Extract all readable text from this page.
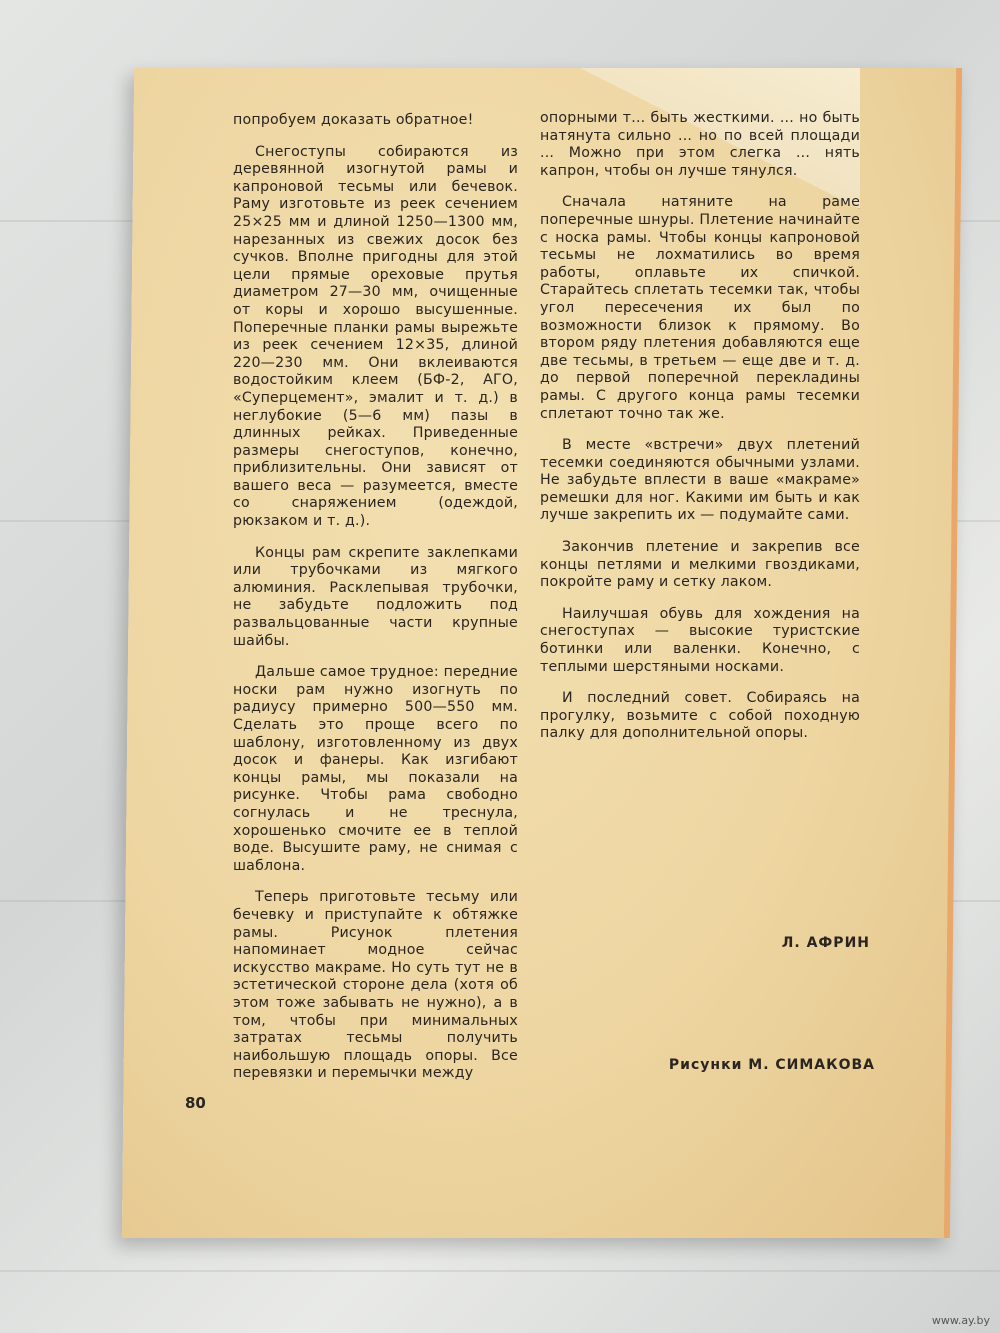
попробуем доказать обратное!

Снегоступы собираются из деревянной изогнутой рамы и капроновой тесьмы или бечевок. Раму изготовьте из реек сечением 25×25 мм и длиной 1250—1300 мм, нарезанных из свежих досок без сучков. Вполне пригодны для этой цели прямые ореховые прутья диаметром 27—30 мм, очищенные от коры и хорошо высушенные. Поперечные планки рамы вырежьте из реек сечением 12×35, длиной 220—230 мм. Они вклеиваются водостойким клеем (БФ-2, АГО, «Суперцемент», эмалит и т. д.) в неглубокие (5—6 мм) пазы в длинных рейках. Приведенные размеры снегоступов, конечно, приблизительны. Они зависят от вашего веса — разумеется, вместе со снаряжением (одеждой, рюкзаком и т. д.).

Концы рам скрепите заклепками или трубочками из мягкого алюминия. Расклепывая трубочки, не забудьте подложить под развальцованные части крупные шайбы.

Дальше самое трудное: передние носки рам нужно изогнуть по радиусу примерно 500—550 мм. Сделать это проще всего по шаблону, изготовленному из двух досок и фанеры. Как изгибают концы рамы, мы показали на рисунке. Чтобы рама свободно согнулась и не треснула, хорошенько смочите ее в теплой воде. Высушите раму, не снимая с шаблона.

Теперь приготовьте тесьму или бечевку и приступайте к обтяжке рамы. Рисунок плетения напоминает модное сейчас искусство макраме. Но суть тут не в эстетической стороне дела (хотя об этом тоже забывать не нужно), а в том, чтобы при минимальных затратах тесьмы получить наибольшую площадь опоры. Все перевязки и перемычки между

опорными т... быть жесткими. ... но быть натянута сильно ... но по всей площади ... Можно при этом слегка ... нять капрон, чтобы он лучше тянулся.

Сначала натяните на раме поперечные шнуры. Плетение начинайте с носка рамы. Чтобы концы капроновой тесьмы не лохматились во время работы, оплавьте их спичкой. Старайтесь сплетать тесемки так, чтобы угол пересечения их был по возможности близок к прямому. Во втором ряду плетения добавляются еще две тесьмы, в третьем — еще две и т. д. до первой поперечной перекладины рамы. С другого конца рамы тесемки сплетают точно так же.

В месте «встречи» двух плетений тесемки соединяются обычными узлами. Не забудьте вплести в ваше «макраме» ремешки для ног. Какими им быть и как лучше закрепить их — подумайте сами.

Закончив плетение и закрепив все концы петлями и мелкими гвоздиками, покройте раму и сетку лаком.

Наилучшая обувь для хождения на снегоступах — высокие туристские ботинки или валенки. Конечно, с теплыми шерстяными носками.

И последний совет. Собираясь на прогулку, возьмите с собой походную палку для дополнительной опоры.

Л. АФРИН
Рисунки М. СИМАКОВА
80
www.ay.by
